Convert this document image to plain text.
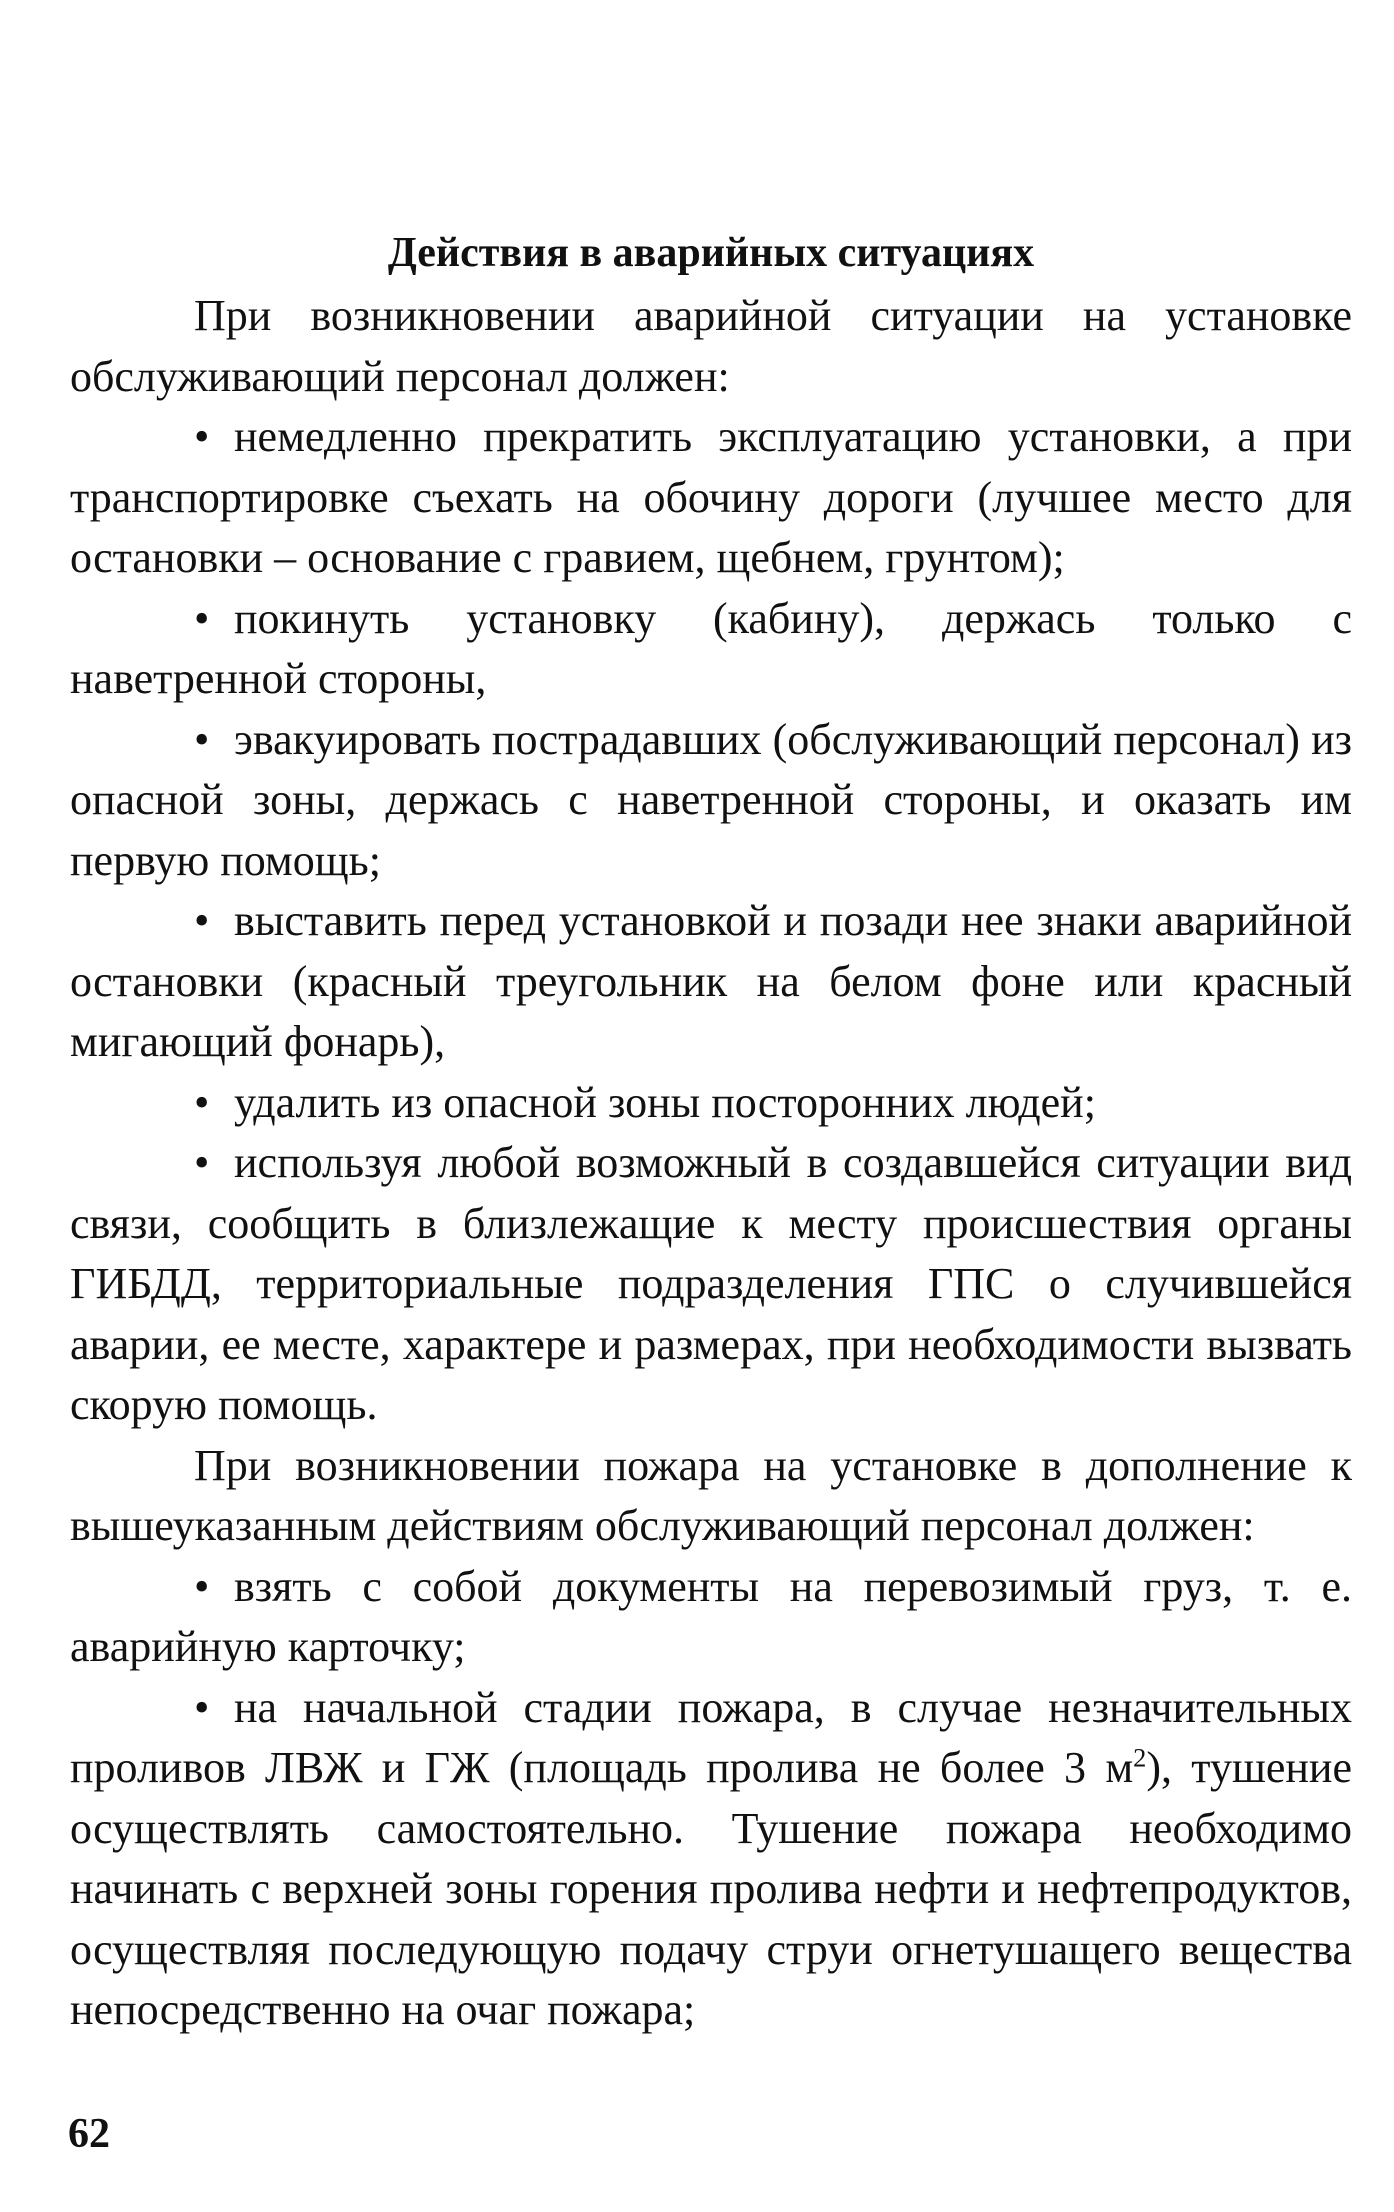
Действия в аварийных ситуациях

При возникновении аварийной ситуации на установке обслуживающий персонал должен:

• немедленно прекратить эксплуатацию установки, а при транспортировке съехать на обочину дороги (лучшее место для остановки – основание с гравием, щебнем, грунтом);

• покинуть установку (кабину), держась только с наветренной стороны,

• эвакуировать пострадавших (обслуживающий персонал) из опасной зоны, держась с наветренной стороны, и оказать им первую помощь;

• выставить перед установкой и позади нее знаки аварийной остановки (красный треугольник на белом фоне или красный мигающий фонарь),

• удалить из опасной зоны посторонних людей;

• используя любой возможный в создавшейся ситуации вид связи, сообщить в близлежащие к месту происшествия органы ГИБДД, территориальные подразделения ГПС о случившейся аварии, ее месте, характере и размерах, при необходимости вызвать скорую помощь.

При возникновении пожара на установке в дополнение к вышеуказанным действиям обслуживающий персонал должен:

• взять с собой документы на перевозимый груз, т. е. аварийную карточку;

• на начальной стадии пожара, в случае незначительных проливов ЛВЖ и ГЖ (площадь пролива не более 3 $м^2$), тушение осуществлять самостоятельно. Тушение пожара необходимо начинать с верхней зоны горения пролива нефти и нефтепродуктов, осуществляя последующую подачу струи огнетушащего вещества непосредственно на очаг пожара;

62
